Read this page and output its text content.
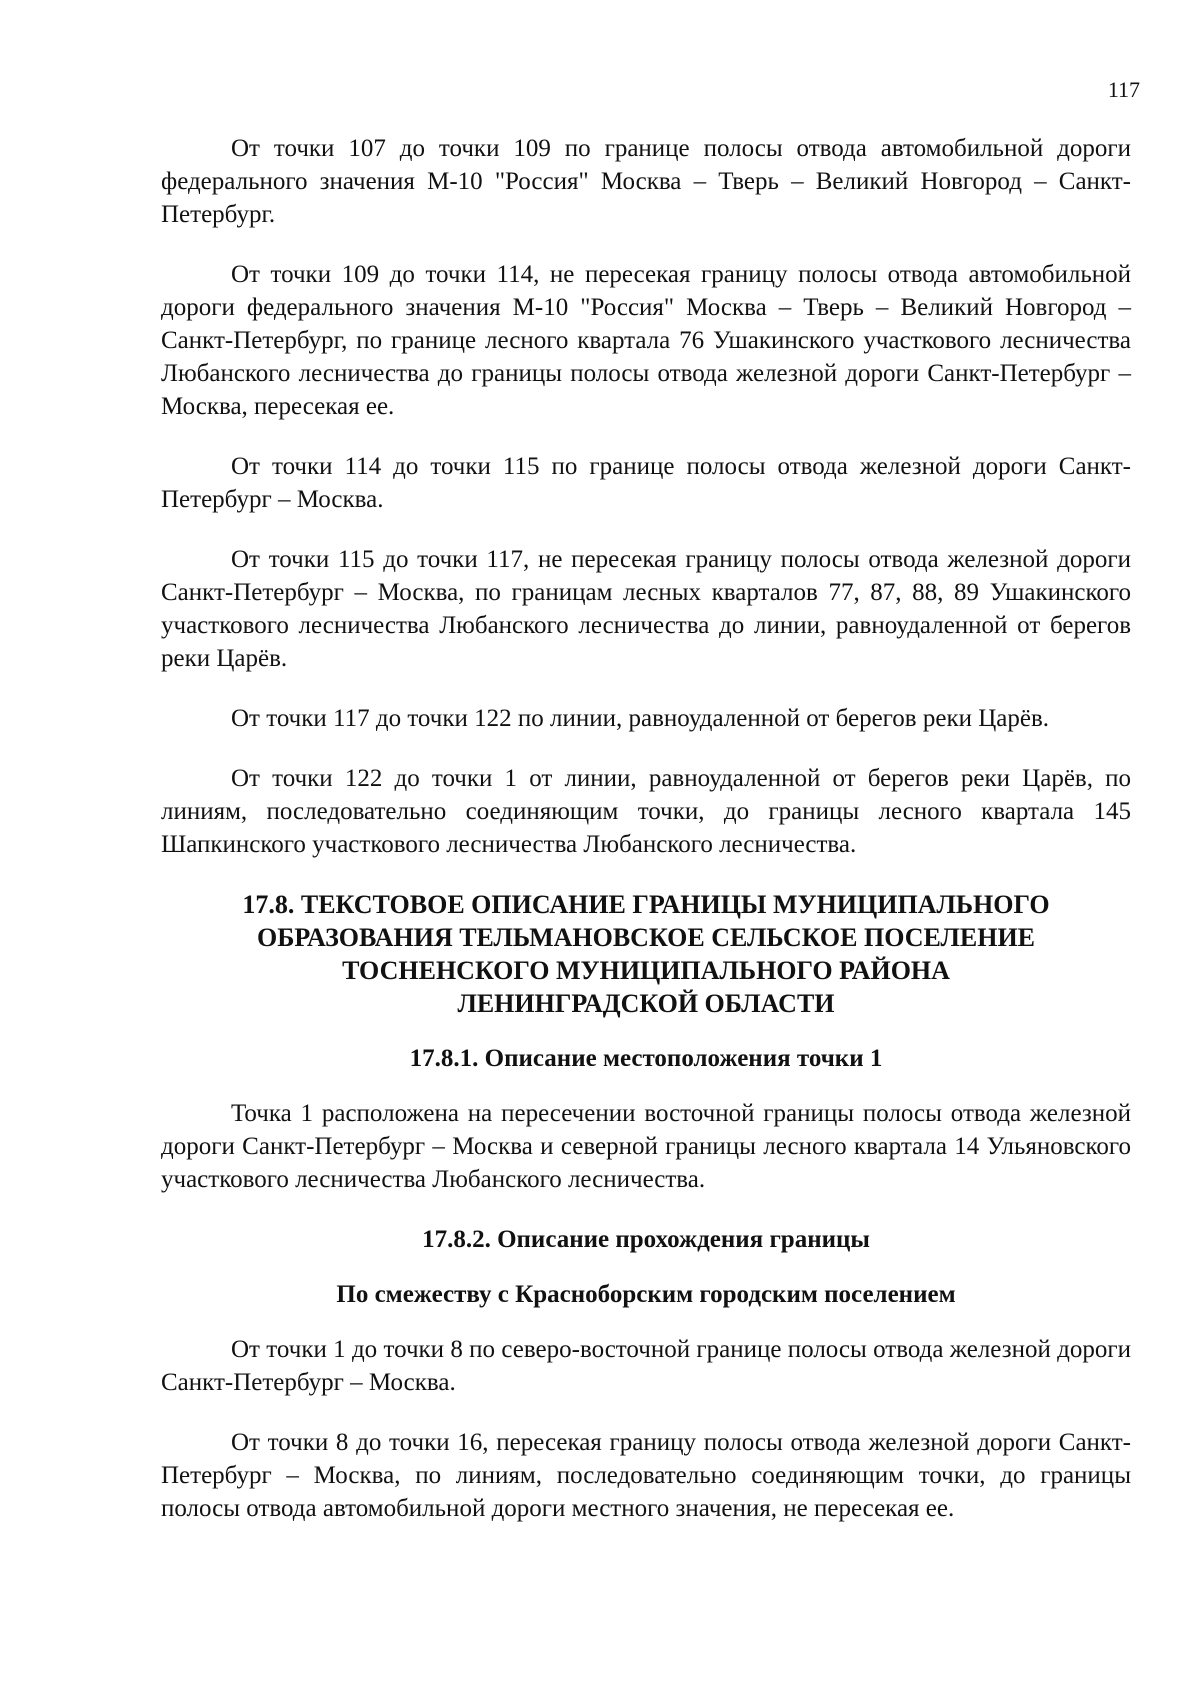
117

От точки 107 до точки 109 по границе полосы отвода автомобильной дороги федерального значения М-10 "Россия" Москва – Тверь – Великий Новгород – Санкт-Петербург.

От точки 109 до точки 114, не пересекая границу полосы отвода автомобильной дороги федерального значения М-10 "Россия" Москва – Тверь – Великий Новгород – Санкт-Петербург, по границе лесного квартала 76 Ушакинского участкового лесничества Любанского лесничества до границы полосы отвода железной дороги Санкт-Петербург – Москва, пересекая ее.

От точки 114 до точки 115 по границе полосы отвода железной дороги Санкт-Петербург – Москва.

От точки 115 до точки 117, не пересекая границу полосы отвода железной дороги Санкт-Петербург – Москва, по границам лесных кварталов 77, 87, 88, 89 Ушакинского участкового лесничества Любанского лесничества до линии, равноудаленной от берегов реки Царёв.

От точки 117 до точки 122 по линии, равноудаленной от берегов реки Царёв.

От точки 122 до точки 1 от линии, равноудаленной от берегов реки Царёв, по линиям, последовательно соединяющим точки, до границы лесного квартала 145 Шапкинского участкового лесничества Любанского лесничества.

17.8. ТЕКСТОВОЕ ОПИСАНИЕ ГРАНИЦЫ МУНИЦИПАЛЬНОГО
ОБРАЗОВАНИЯ ТЕЛЬМАНОВСКОЕ СЕЛЬСКОЕ ПОСЕЛЕНИЕ
ТОСНЕНСКОГО МУНИЦИПАЛЬНОГО РАЙОНА
ЛЕНИНГРАДСКОЙ ОБЛАСТИ
17.8.1. Описание местоположения точки 1

Точка 1 расположена на пересечении восточной границы полосы отвода железной дороги Санкт-Петербург – Москва и северной границы лесного квартала 14 Ульяновского участкового лесничества Любанского лесничества.

17.8.2. Описание прохождения границы
По смежеству с Красноборским городским поселением

От точки 1 до точки 8 по северо-восточной границе полосы отвода железной дороги Санкт-Петербург – Москва.

От точки 8 до точки 16, пересекая границу полосы отвода железной дороги Санкт-Петербург – Москва, по линиям, последовательно соединяющим точки, до границы полосы отвода автомобильной дороги местного значения, не пересекая ее.
